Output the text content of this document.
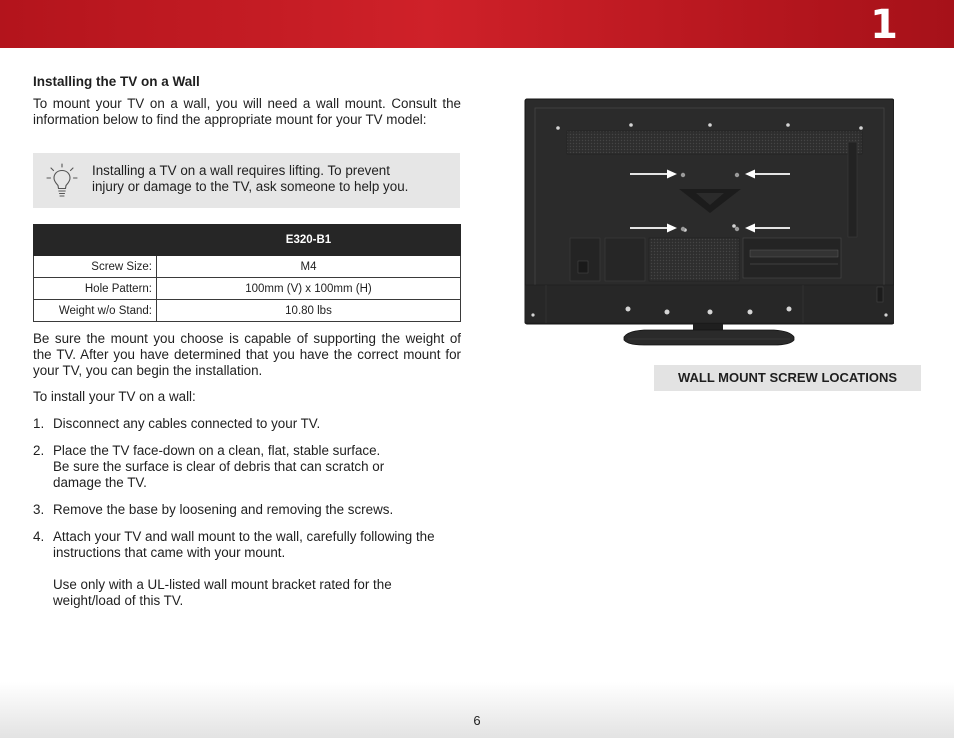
1
Installing the TV on a Wall

To mount your TV on a wall, you will need a wall mount. Consult the information below to find the appropriate mount for your TV model:

Installing a TV on a wall requires lifting. To prevent
injury or damage to the TV, ask someone to help you.
	E320-B1
Screw Size:	M4
Hole Pattern:	100mm (V) x 100mm (H)
Weight w/o Stand:	10.80 lbs

Be sure the mount you choose is capable of supporting the weight of the TV. After you have determined that you have the correct mount for your TV, you can begin the installation.

To install your TV on a wall:

1. Disconnect any cables connected to your TV.
2. Place the TV face-down on a clean, flat, stable surface.
Be sure the surface is clear of debris that can scratch or damage the TV.
3. Remove the base by loosening and removing the screws.
4. Attach your TV and wall mount to the wall, carefully following the instructions that came with your mount.
Use only with a UL-listed wall mount bracket rated for the weight/load of this TV.
WALL MOUNT SCREW LOCATIONS
6
